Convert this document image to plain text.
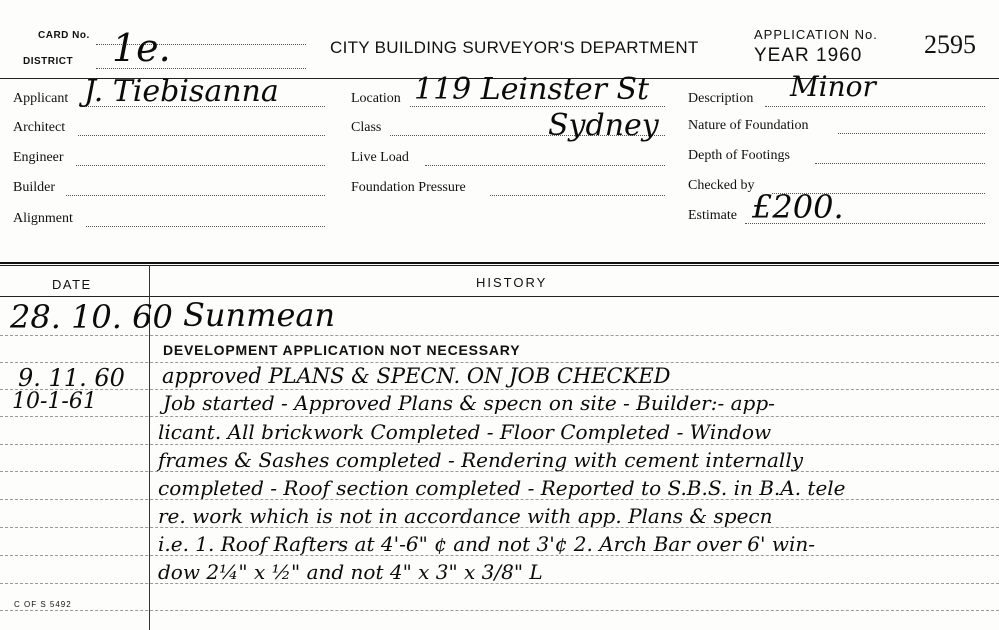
CARD No.
DISTRICT 1e.	CITY BUILDING SURVEYOR'S DEPARTMENT
APPLICATION No.
YEAR 1960 2595
Applicant J. Tiebisanna
Architect
Engineer
Builder
Alignment
Location 119 Leinster St
Class	Sydney
Live Load
Foundation Pressure
Description Minor
Nature of Foundation
Depth of Footings
Checked by
Estimate £200.
DATE	HISTORY
28. 10. 60 Sunmean
DEVELOPMENT APPLICATION NOT NECESSARY
9. 11. 60 approved PLANS & SPECN. ON JOB CHECKED
10-1-61	Job started - Approved Plans & specn on site - Builder:- app-
licant. All brickwork Completed - Floor Completed - Window
frames & Sashes completed - Rendering with cement internally
completed - Roof section completed - Reported to S.B.S. in B.A. tele
re. work which is not in accordance with app. Plans & specn
i.e. 1. Roof Rafters at 4'-6" ¢ and not 3'¢ 2. Arch Bar over 6' win-
dow 2¼" x ½" and not 4" x 3" x 3/8" L
C OF S 5492
